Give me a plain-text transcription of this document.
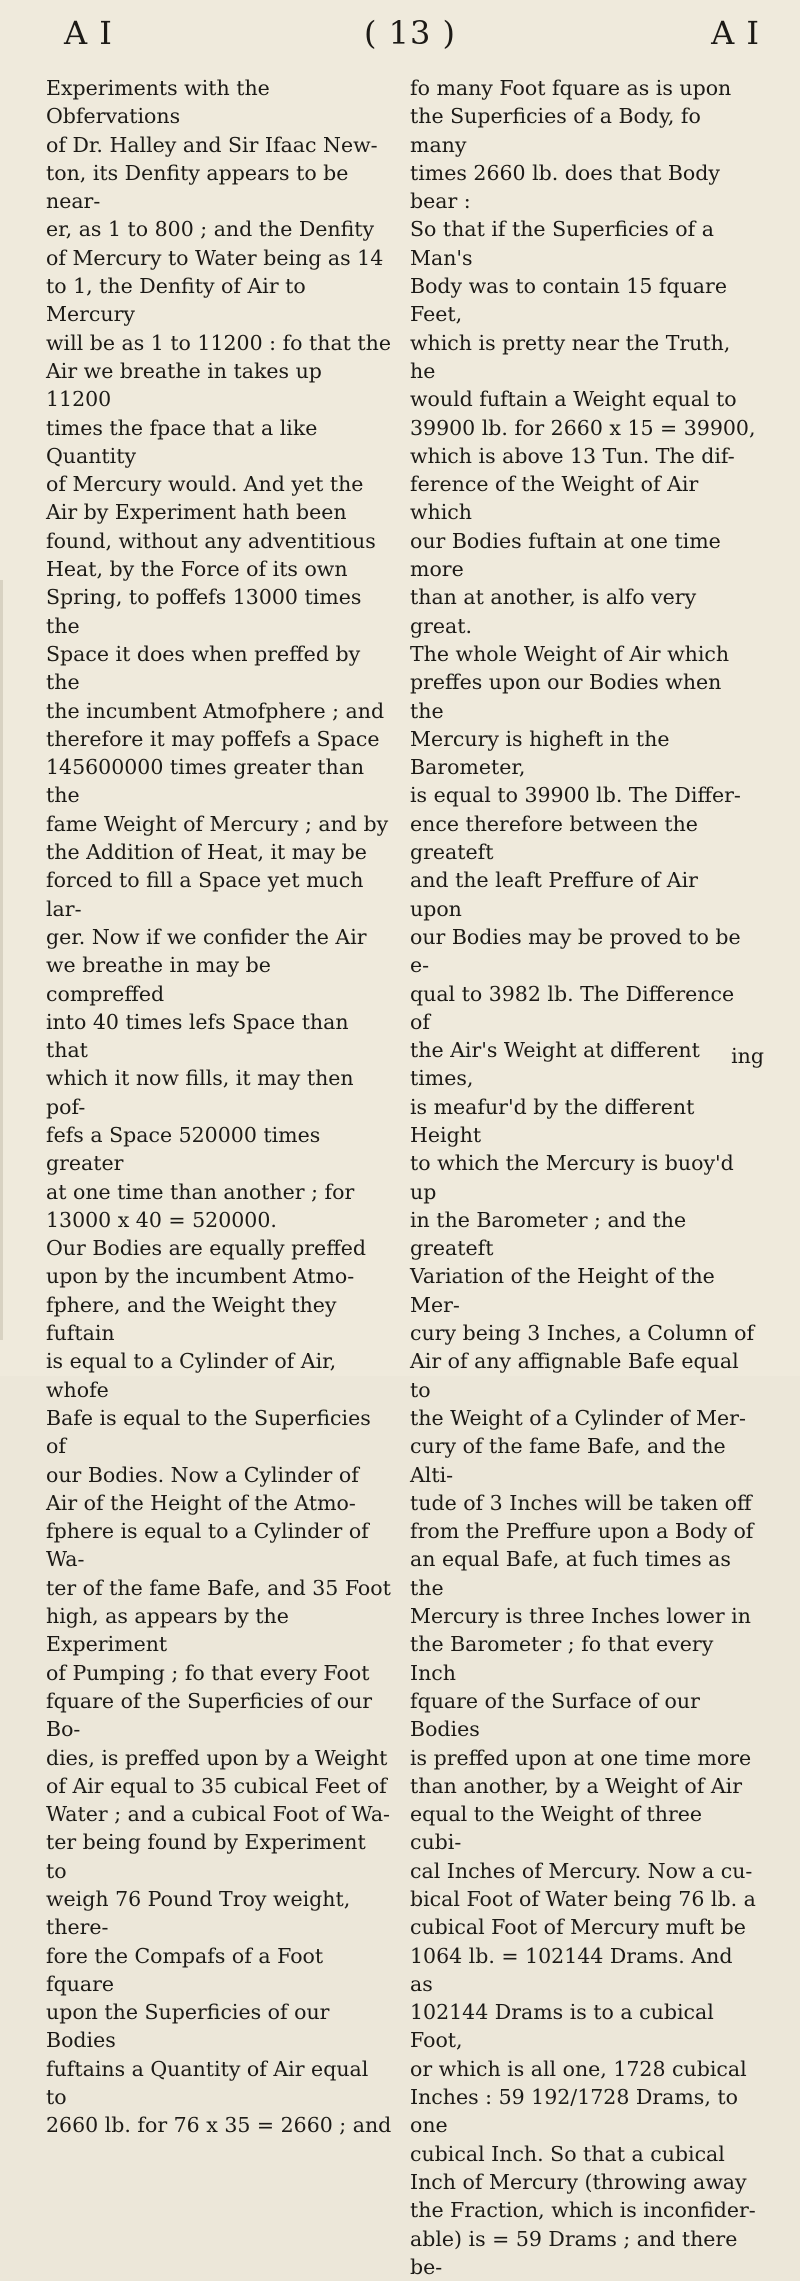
A I	( 13 )	A I

Experiments with the Obfervations
of Dr. Halley and Sir Ifaac New-
ton, its Denfity appears to be near-
er, as 1 to 800 ; and the Denfity
of Mercury to Water being as 14
to 1, the Denfity of Air to Mercury
will be as 1 to 11200 : fo that the
Air we breathe in takes up 11200
times the fpace that a like Quantity
of Mercury would. And yet the
Air by Experiment hath been
found, without any adventitious
Heat, by the Force of its own
Spring, to poffefs 13000 times the
Space it does when preffed by the
the incumbent Atmofphere ; and
therefore it may poffefs a Space
145600000 times greater than the
fame Weight of Mercury ; and by
the Addition of Heat, it may be
forced to fill a Space yet much lar-
ger. Now if we confider the Air
we breathe in may be compreffed
into 40 times lefs Space than that
which it now fills, it may then pof-
fefs a Space 520000 times greater
at one time than another ; for
13000 x 40 = 520000.

Our Bodies are equally preffed
upon by the incumbent Atmo-
fphere, and the Weight they fuftain
is equal to a Cylinder of Air, whofe
Bafe is equal to the Superficies of
our Bodies. Now a Cylinder of
Air of the Height of the Atmo-
fphere is equal to a Cylinder of Wa-
ter of the fame Bafe, and 35 Foot
high, as appears by the Experiment
of Pumping ; fo that every Foot
fquare of the Superficies of our Bo-
dies, is preffed upon by a Weight
of Air equal to 35 cubical Feet of
Water ; and a cubical Foot of Wa-
ter being found by Experiment to
weigh 76 Pound Troy weight, there-
fore the Compafs of a Foot fquare
upon the Superficies of our Bodies
fuftains a Quantity of Air equal to
2660 lb. for 76 x 35 = 2660 ; and

fo many Foot fquare as is upon
the Superficies of a Body, fo many
times 2660 lb. does that Body bear :
So that if the Superficies of a Man's
Body was to contain 15 fquare Feet,
which is pretty near the Truth, he
would fuftain a Weight equal to
39900 lb. for 2660 x 15 = 39900,
which is above 13 Tun. The dif-
ference of the Weight of Air which
our Bodies fuftain at one time more
than at another, is alfo very great.
The whole Weight of Air which
preffes upon our Bodies when the
Mercury is higheft in the Barometer,
is equal to 39900 lb. The Differ-
ence therefore between the greateft
and the leaft Preffure of Air upon
our Bodies may be proved to be e-
qual to 3982 lb. The Difference of
the Air's Weight at different times,
is meafur'd by the different Height
to which the Mercury is buoy'd up
in the Barometer ; and the greateft
Variation of the Height of the Mer-
cury being 3 Inches, a Column of
Air of any affignable Bafe equal to
the Weight of a Cylinder of Mer-
cury of the fame Bafe, and the Alti-
tude of 3 Inches will be taken off
from the Preffure upon a Body of
an equal Bafe, at fuch times as the
Mercury is three Inches lower in
the Barometer ; fo that every Inch
fquare of the Surface of our Bodies
is preffed upon at one time more
than another, by a Weight of Air
equal to the Weight of three cubi-
cal Inches of Mercury. Now a cu-
bical Foot of Water being 76 lb. a
cubical Foot of Mercury muft be
1064 lb. = 102144 Drams. And as
102144 Drams is to a cubical Foot,
or which is all one, 1728 cubical
Inches : 59 192/1728 Drams, to one
cubical Inch. So that a cubical
Inch of Mercury (throwing away
the Fraction, which is inconfider-
able) is = 59 Drams ; and there be-

ing
